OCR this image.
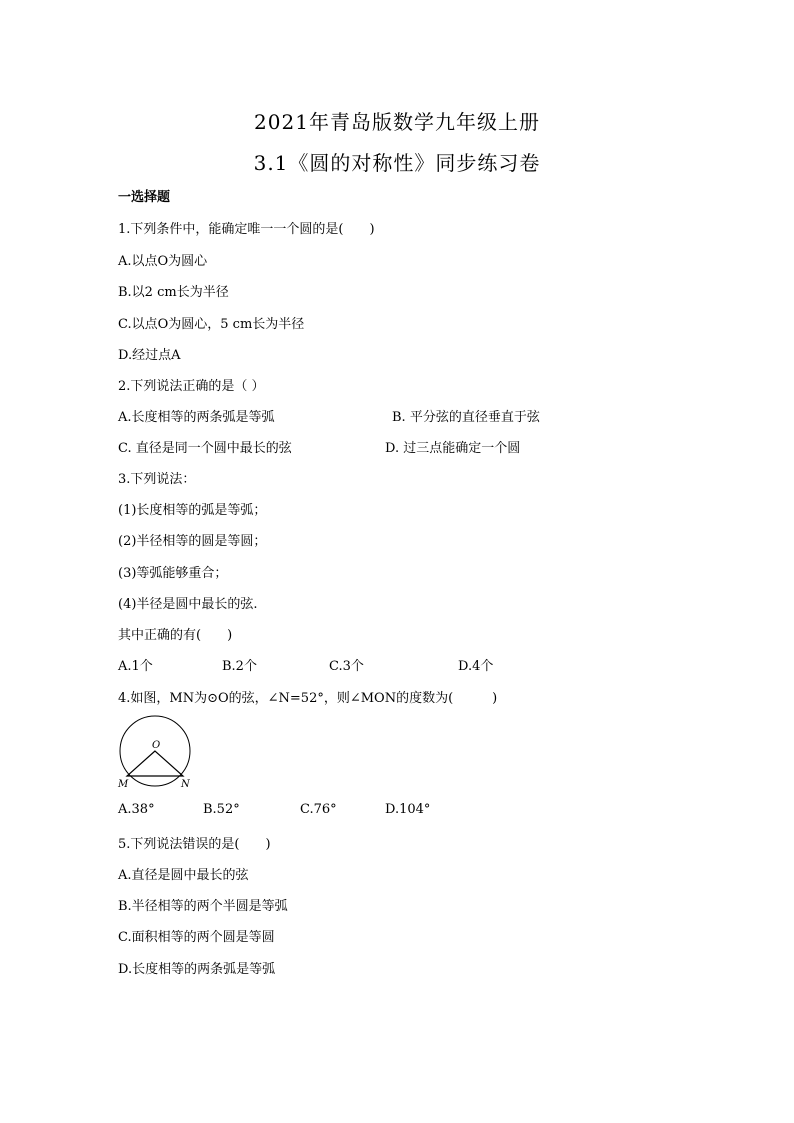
2021年青岛版数学九年级上册
3.1《圆的对称性》同步练习卷
一选择题
1.下列条件中，能确定唯一一个圆的是(　　)
A.以点O为圆心
B.以2 cm长为半径
C.以点O为圆心，5 cm长为半径
D.经过点A
2.下列说法正确的是（ ）
A.长度相等的两条弧是等弧	B. 平分弦的直径垂直于弦
C. 直径是同一个圆中最长的弦	D. 过三点能确定一个圆
3.下列说法：
(1)长度相等的弧是等弧；
(2)半径相等的圆是等圆；
(3)等弧能够重合；
(4)半径是圆中最长的弦.
其中正确的有(　　)
A.1个	B.2个	C.3个	D.4个
4.如图，MN为⊙O的弦，∠N=52°，则∠MON的度数为(　　　)
O
M	N
A.38°	B.52°	C.76°	D.104°
5.下列说法错误的是(　　)
A.直径是圆中最长的弦
B.半径相等的两个半圆是等弧
C.面积相等的两个圆是等圆
D.长度相等的两条弧是等弧
